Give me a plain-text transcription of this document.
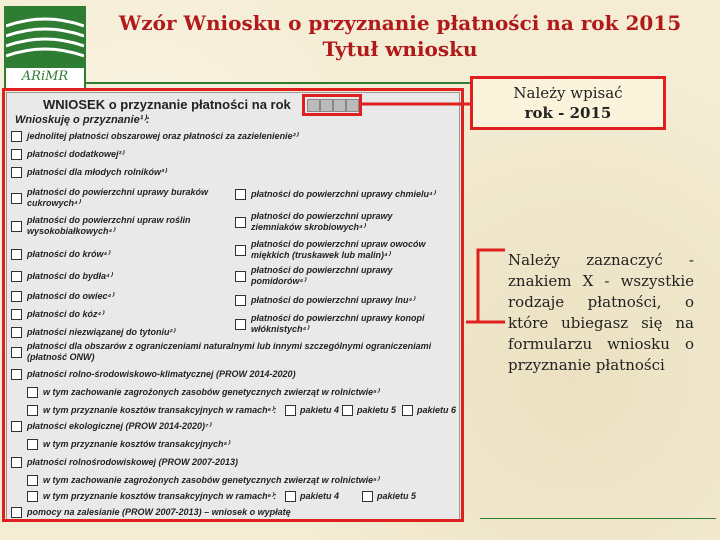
ARiMR
Wzór Wniosku o przyznanie płatności na rok 2015
Tytuł wniosku
WNIOSEK o przyznanie płatności na rok
Wnioskuję o przyznanie¹⁾:
jednolitej płatności obszarowej oraz płatności za zazielenienie²⁾
płatności dodatkowej²⁾
płatności dla młodych rolników³⁾
płatności do powierzchni uprawy buraków
cukrowych⁴⁾
płatności do powierzchni upraw roślin
wysokobiałkowych⁴⁾
płatności do krów⁴⁾
płatności do bydła⁴⁾
płatności do owiec⁴⁾
płatności do kóz⁴⁾
płatności niezwiązanej do tytoniu²⁾
płatności do powierzchni uprawy chmielu⁴⁾
płatności do powierzchni uprawy
ziemniaków skrobiowych⁴⁾
płatności do powierzchni upraw owoców
miękkich (truskawek lub malin)⁴⁾
płatności do powierzchni uprawy
pomidorów⁴⁾
płatności do powierzchni uprawy lnu⁴⁾
płatności do powierzchni uprawy konopi
włóknistych⁴⁾
płatności dla obszarów z ograniczeniami naturalnymi lub innymi szczególnymi ograniczeniami
(płatność ONW)
płatności rolno-środowiskowo-klimatycznej (PROW 2014-2020)
w tym zachowanie zagrożonych zasobów genetycznych zwierząt w rolnictwie⁵⁾
w tym przyznanie kosztów transakcyjnych w ramach⁶⁾:	pakietu 4 pakietu 5 pakietu 6
płatności ekologicznej (PROW 2014-2020)⁷⁾
w tym przyznanie kosztów transakcyjnych⁸⁾
płatności rolnośrodowiskowej (PROW 2007-2013)
w tym zachowanie zagrożonych zasobów genetycznych zwierząt w rolnictwie⁵⁾
w tym przyznanie kosztów transakcyjnych w ramach⁶⁾:	pakietu 4	pakietu 5
pomocy na zalesianie (PROW 2007-2013) – wniosek o wypłatę
Należy wpisać
rok - 2015
Należy zaznaczyć - znakiem X - wszystkie rodzaje płatności, o które ubiegasz się na formularzu wniosku o przyznanie płatności
